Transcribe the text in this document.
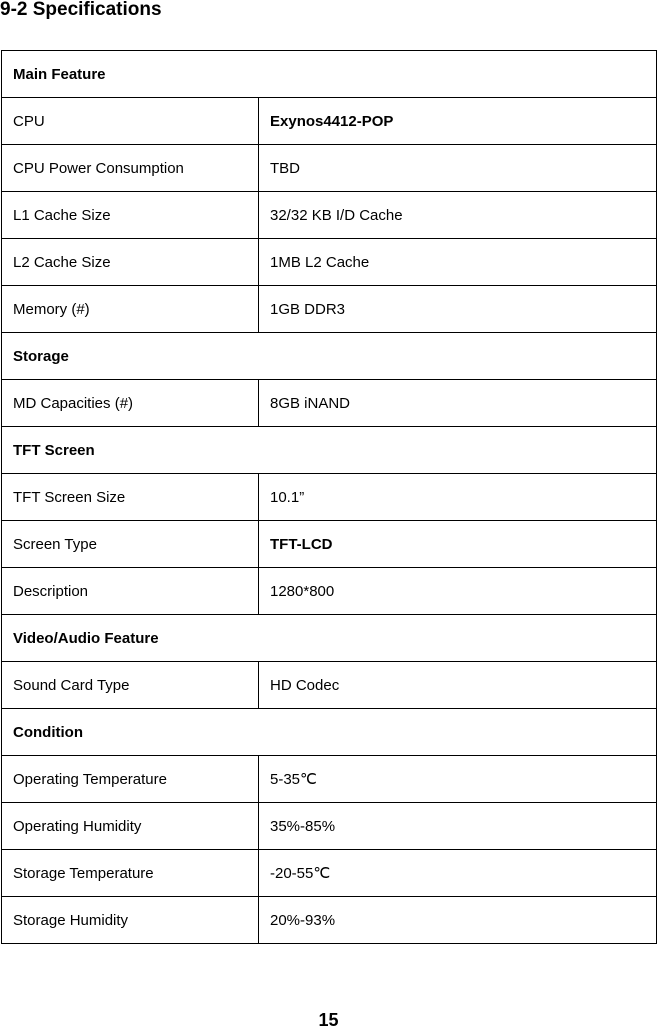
9-2 Specifications
Main Feature	
CPU	Exynos4412-POP
CPU Power Consumption	TBD
L1 Cache Size	32/32 KB I/D Cache
L2 Cache Size	1MB L2 Cache
Memory (#)	1GB DDR3
Storage	
MD Capacities (#)	8GB iNAND
TFT Screen	
TFT Screen Size	10.1”
Screen Type	TFT-LCD
Description	1280*800
Video/Audio Feature	
Sound Card Type	HD Codec
Condition	
Operating Temperature	5-35℃
Operating Humidity	35%-85%
Storage Temperature	-20-55℃
Storage Humidity	20%-93%
15
